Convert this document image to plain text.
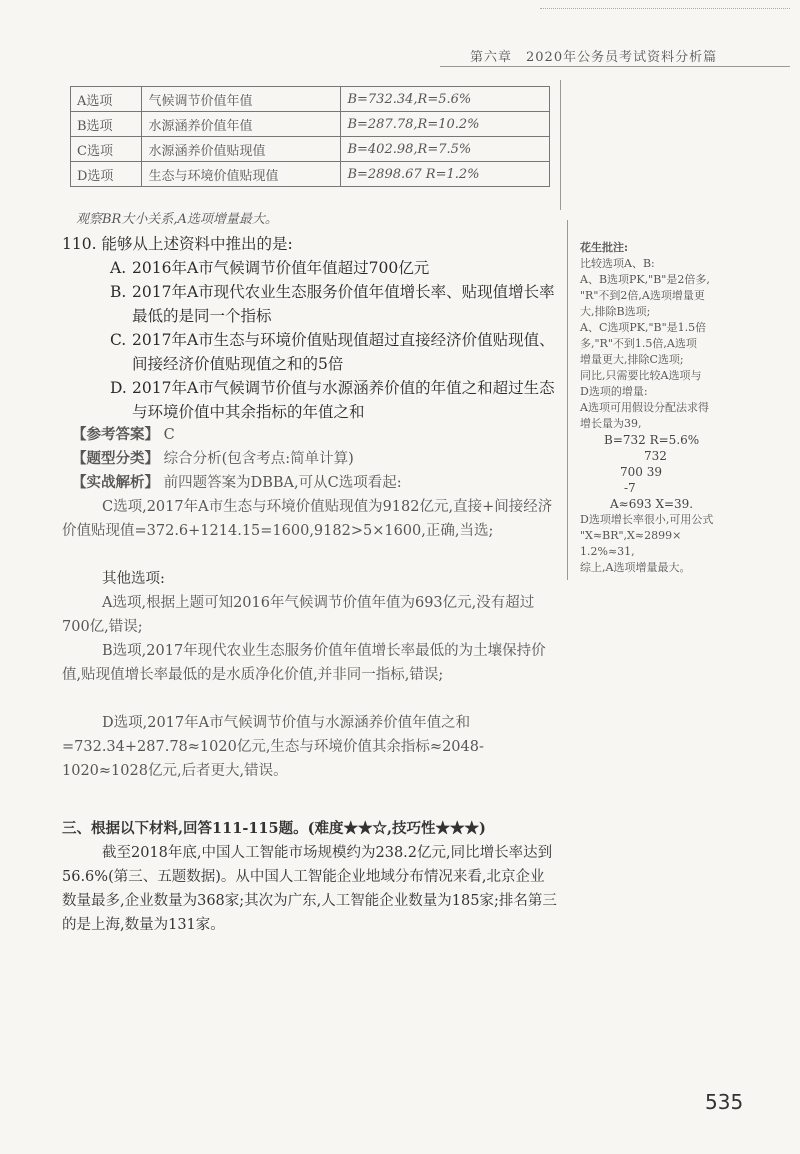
第六章　2020年公务员考试资料分析篇
A选项	气候调节价值年值	B=732.34,R=5.6%
B选项	水源涵养价值年值	B=287.78,R=10.2%
C选项	水源涵养价值贴现值	B=402.98,R=7.5%
D选项	生态与环境价值贴现值	B=2898.67 R=1.2%
观察BR大小关系,A选项增量最大。
110. 能够从上述资料中推出的是:
A. 2016年A市气候调节价值年值超过700亿元
B. 2017年A市现代农业生态服务价值年值增长率、贴现值增长率最低的是同一个指标
C. 2017年A市生态与环境价值贴现值超过直接经济价值贴现值、间接经济价值贴现值之和的5倍
D. 2017年A市气候调节价值与水源涵养价值的年值之和超过生态与环境价值中其余指标的年值之和
【参考答案】 C
【题型分类】 综合分析(包含考点:简单计算)
【实战解析】 前四题答案为DBBA,可从C选项看起:
C选项,2017年A市生态与环境价值贴现值为9182亿元,直接+间接经济价值贴现值=372.6+1214.15=1600,9182>5×1600,正确,当选;
其他选项:
A选项,根据上题可知2016年气候调节价值年值为693亿元,没有超过700亿,错误;
B选项,2017年现代农业生态服务价值年值增长率最低的为土壤保持价值,贴现值增长率最低的是水质净化价值,并非同一指标,错误;
D选项,2017年A市气候调节价值与水源涵养价值年值之和=732.34+287.78≈1020亿元,生态与环境价值其余指标≈2048-1020≈1028亿元,后者更大,错误。
三、根据以下材料,回答111-115题。(难度★★☆,技巧性★★★)
截至2018年底,中国人工智能市场规模约为238.2亿元,同比增长率达到56.6%(第三、五题数据)。从中国人工智能企业地域分布情况来看,北京企业数量最多,企业数量为368家;其次为广东,人工智能企业数量为185家;排名第三的是上海,数量为131家。
花生批注:
比较选项A、B:
A、B选项PK,"B"是2倍多,
"R"不到2倍,A选项增量更
大,排除B选项;
A、C选项PK,"B"是1.5倍
多,"R"不到1.5倍,A选项
增量更大,排除C选项;
同比,只需要比较A选项与
D选项的增量:
A选项可用假设分配法求得
增长量为39,
B=732 R=5.6%
732
700 39
-7
A≈693 X=39.
D选项增长率很小,可用公式
"X≈BR",X≈2899×
1.2%≈31,
综上,A选项增量最大。
535
